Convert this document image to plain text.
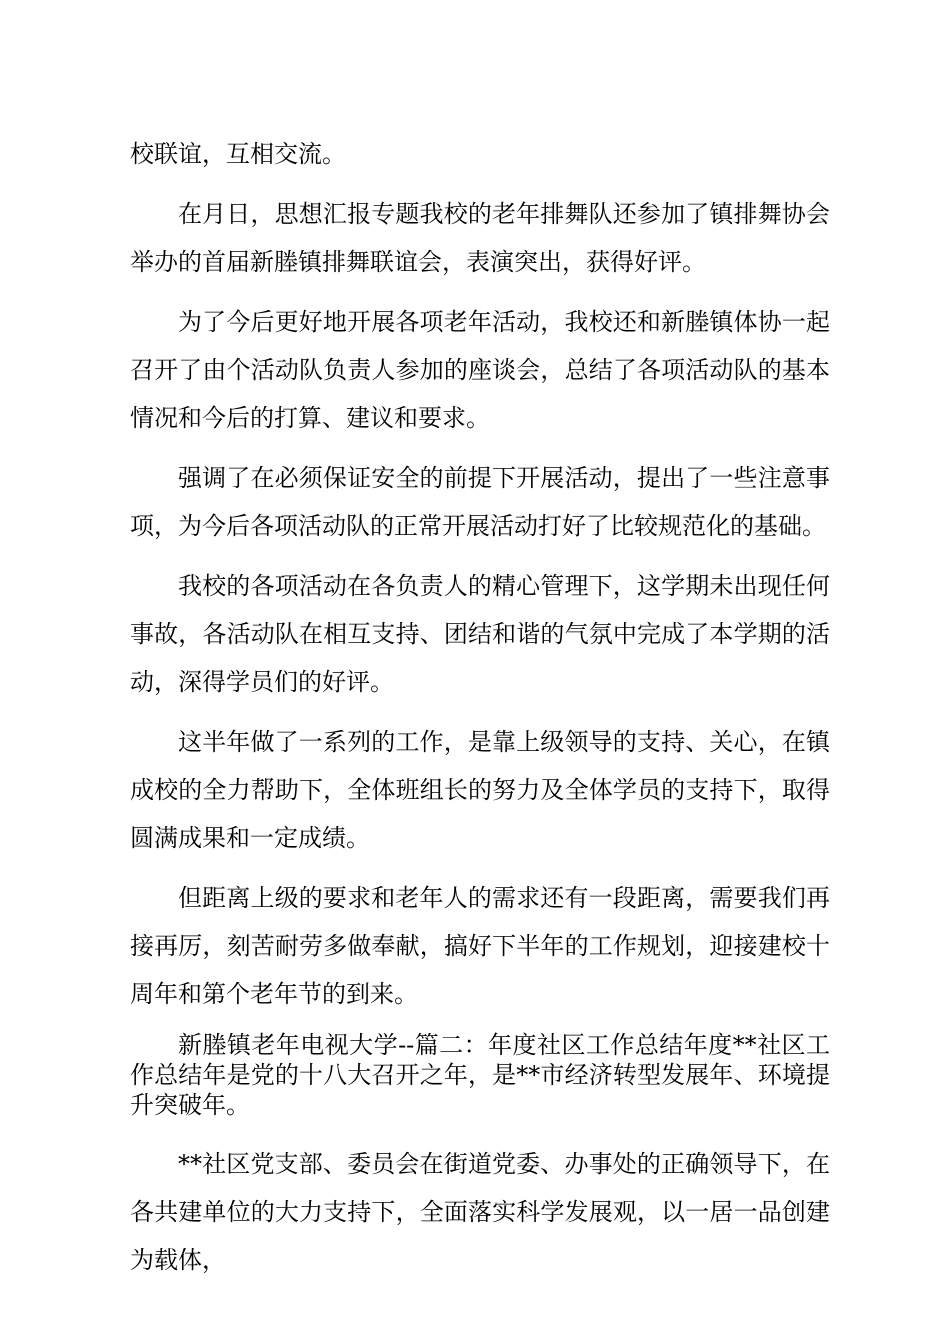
校联谊，互相交流。

在月日，思想汇报专题我校的老年排舞队还参加了镇排舞协会举办的首届新塍镇排舞联谊会，表演突出，获得好评。

为了今后更好地开展各项老年活动，我校还和新塍镇体协一起召开了由个活动队负责人参加的座谈会，总结了各项活动队的基本情况和今后的打算、建议和要求。

强调了在必须保证安全的前提下开展活动，提出了一些注意事项，为今后各项活动队的正常开展活动打好了比较规范化的基础。

我校的各项活动在各负责人的精心管理下，这学期未出现任何事故，各活动队在相互支持、团结和谐的气氛中完成了本学期的活动，深得学员们的好评。

这半年做了一系列的工作，是靠上级领导的支持、关心，在镇成校的全力帮助下，全体班组长的努力及全体学员的支持下，取得圆满成果和一定成绩。

但距离上级的要求和老年人的需求还有一段距离，需要我们再接再厉，刻苦耐劳多做奉献，搞好下半年的工作规划，迎接建校十周年和第个老年节的到来。

新塍镇老年电视大学--篇二：年度社区工作总结年度**社区工作总结年是党的十八大召开之年，是**市经济转型发展年、环境提升突破年。

**社区党支部、委员会在街道党委、办事处的正确领导下，在各共建单位的大力支持下，全面落实科学发展观，以一居一品创建为载体，
